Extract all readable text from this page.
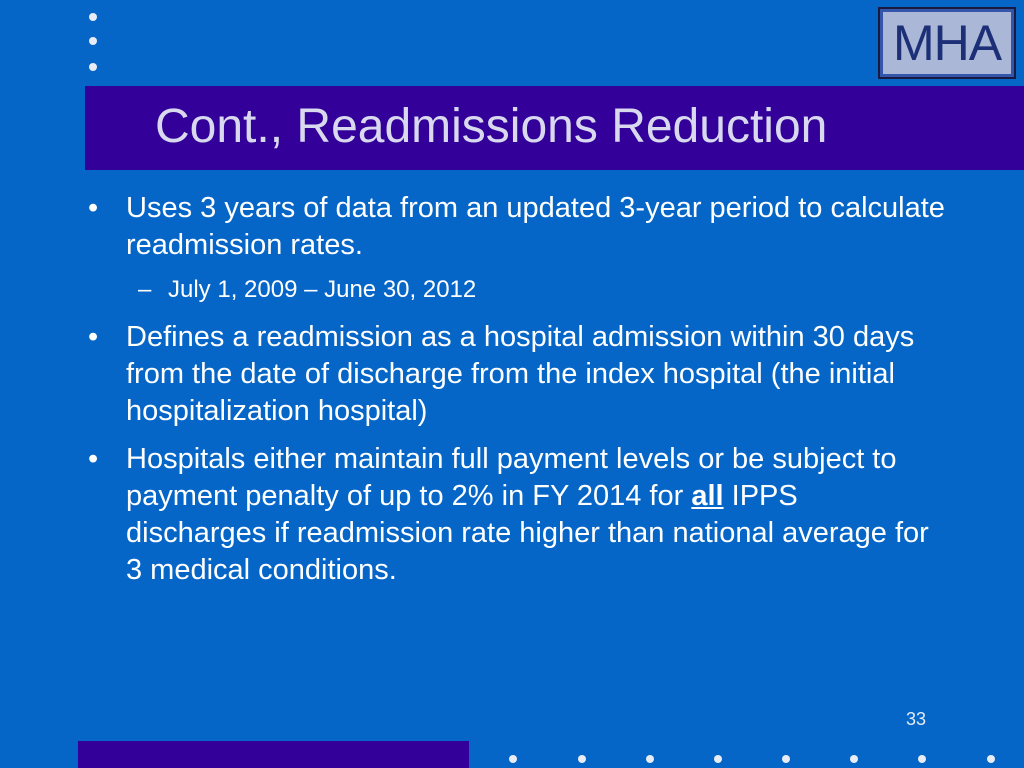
Cont., Readmissions Reduction
MHA
• Uses 3 years of data from an updated 3-year period to calculate readmission rates.
– July 1, 2009 – June 30, 2012
• Defines a readmission as a hospital admission within 30 days from the date of discharge from the index hospital (the initial hospitalization hospital)
• Hospitals either maintain full payment levels or be subject to payment penalty of up to 2% in FY 2014 for all IPPS discharges if readmission rate higher than national average for 3 medical conditions.
33
